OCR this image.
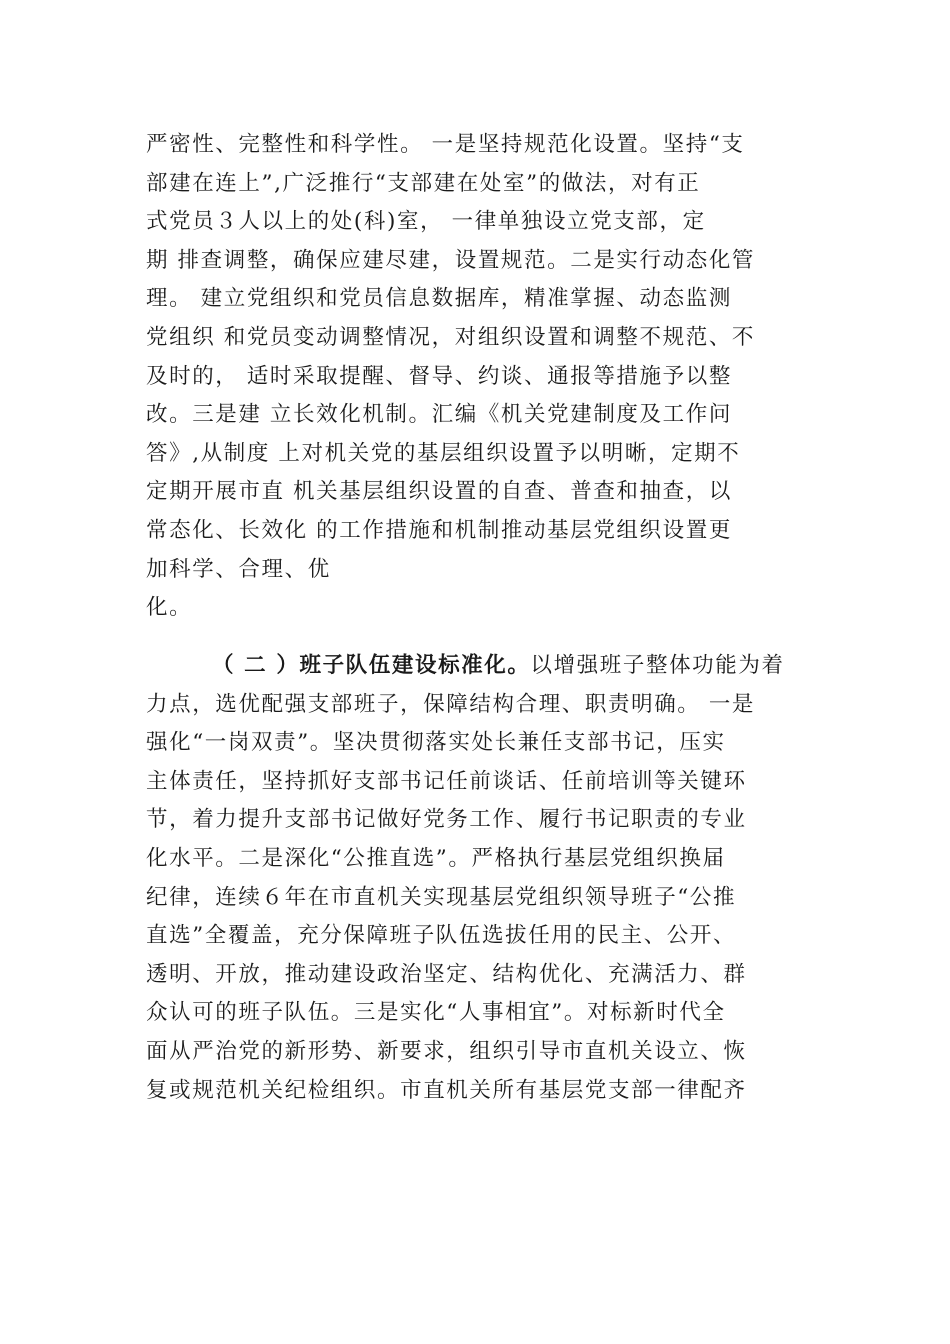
严密性、完整性和科学性。 一是坚持规范化设置。坚持“支
部建在连上”,广泛推行“支部建在处室”的做法，对有正
式党员３人以上的处(科)室， 一律单独设立党支部，定
期 排查调整，确保应建尽建，设置规范。二是实行动态化管
理。 建立党组织和党员信息数据库，精准掌握、动态监测
党组织 和党员变动调整情况，对组织设置和调整不规范、不
及时的， 适时采取提醒、督导、约谈、通报等措施予以整
改。三是建 立长效化机制。汇编《机关党建制度及工作问
答》,从制度 上对机关党的基层组织设置予以明晰，定期不
定期开展市直 机关基层组织设置的自查、普查和抽查，以
常态化、长效化 的工作措施和机制推动基层党组织设置更
加科学、合理、优
化。
（ 二 ）班子队伍建设标准化。以增强班子整体功能为着
力点，选优配强支部班子，保障结构合理、职责明确。 一是
强化“一岗双责”。坚决贯彻落实处长兼任支部书记，压实
主体责任，坚持抓好支部书记任前谈话、任前培训等关键环
节，着力提升支部书记做好党务工作、履行书记职责的专业
化水平。二是深化“公推直选”。严格执行基层党组织换届
纪律，连续６年在市直机关实现基层党组织领导班子“公推
直选”全覆盖，充分保障班子队伍选拔任用的民主、公开、
透明、开放，推动建设政治坚定、结构优化、充满活力、群
众认可的班子队伍。三是实化“人事相宜”。对标新时代全
面从严治党的新形势、新要求，组织引导市直机关设立、恢
复或规范机关纪检组织。市直机关所有基层党支部一律配齐
